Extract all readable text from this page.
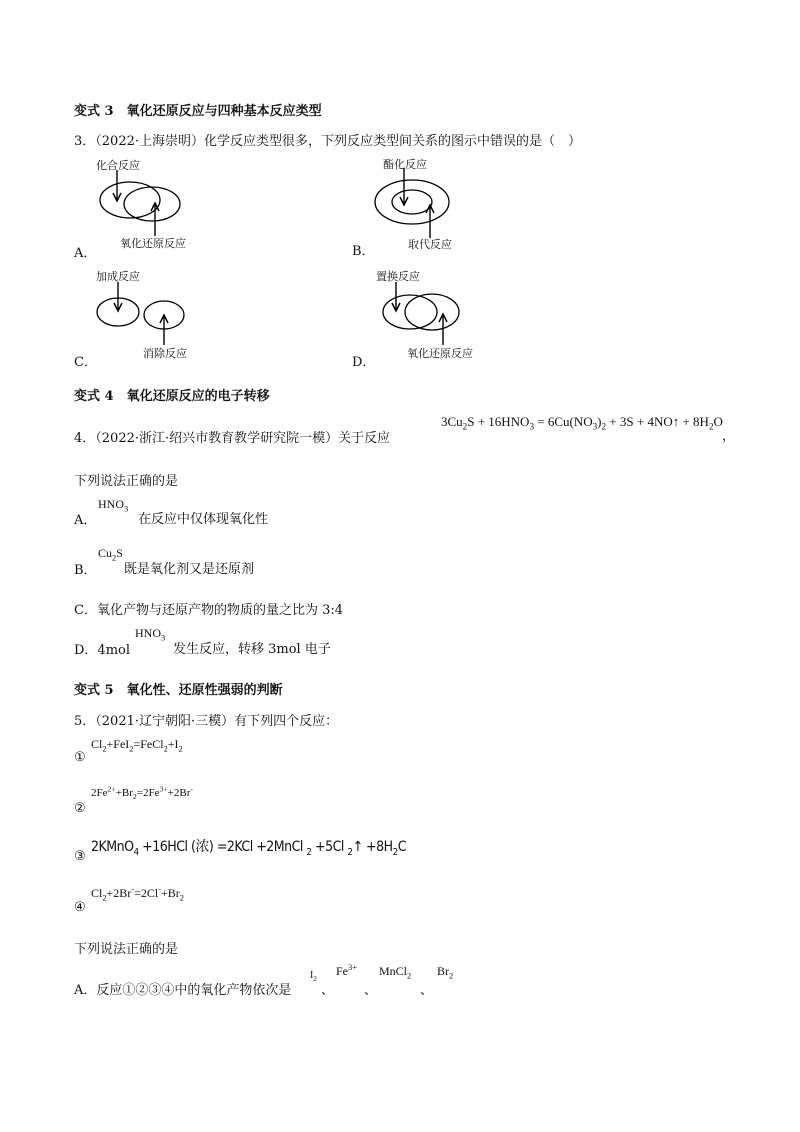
变式 3　氧化还原反应与四种基本反应类型
3．（2022·上海崇明）化学反应类型很多，下列反应类型间关系的图示中错误的是（　）
化合反应
A．
氧化还原反应
酯化反应
B．	取代反应
加成反应
C．
消除反应
置换反应
D．
氧化还原反应
变式 4　氧化还原反应的电子转移
4．（2022·浙江·绍兴市教育教学研究院一模）关于反应
$3Cu_2S + 16HNO_3 = 6Cu(NO_3)_2 + 3S$ + 4NO↑ + $8H_2O$
，
下列说法正确的是
A．
$HNO_3$
在反应中仅体现氧化性
B．
$Cu_2S$
既是氧化剂又是还原剂
C．氧化产物与还原产物的物质的量之比为 3:4
D．4mol
$HNO_3$
发生反应，转移 3mol 电子
变式 5　氧化性、还原性强弱的判断
5．（2021·辽宁朝阳·三模）有下列四个反应：
①
$Cl_2+FeI_2=FeCl_2+I_2$
②
$2Fe^{2+}+Br_2=2Fe^{3+}+2Br^-$
③
2KMnO$_4$ +16HCl (浓) =2KCl +2MnCl $_2$ +5Cl $_2$↑ $+8H_2C$
④
$Cl_2+2Br^-=2Cl^-+Br_2$
下列说法正确的是
A．反应①②③④中的氧化产物依次是
$I_2$
、
$Fe^{3+}$
、
MnCl$_2$
、
$Br_2$
